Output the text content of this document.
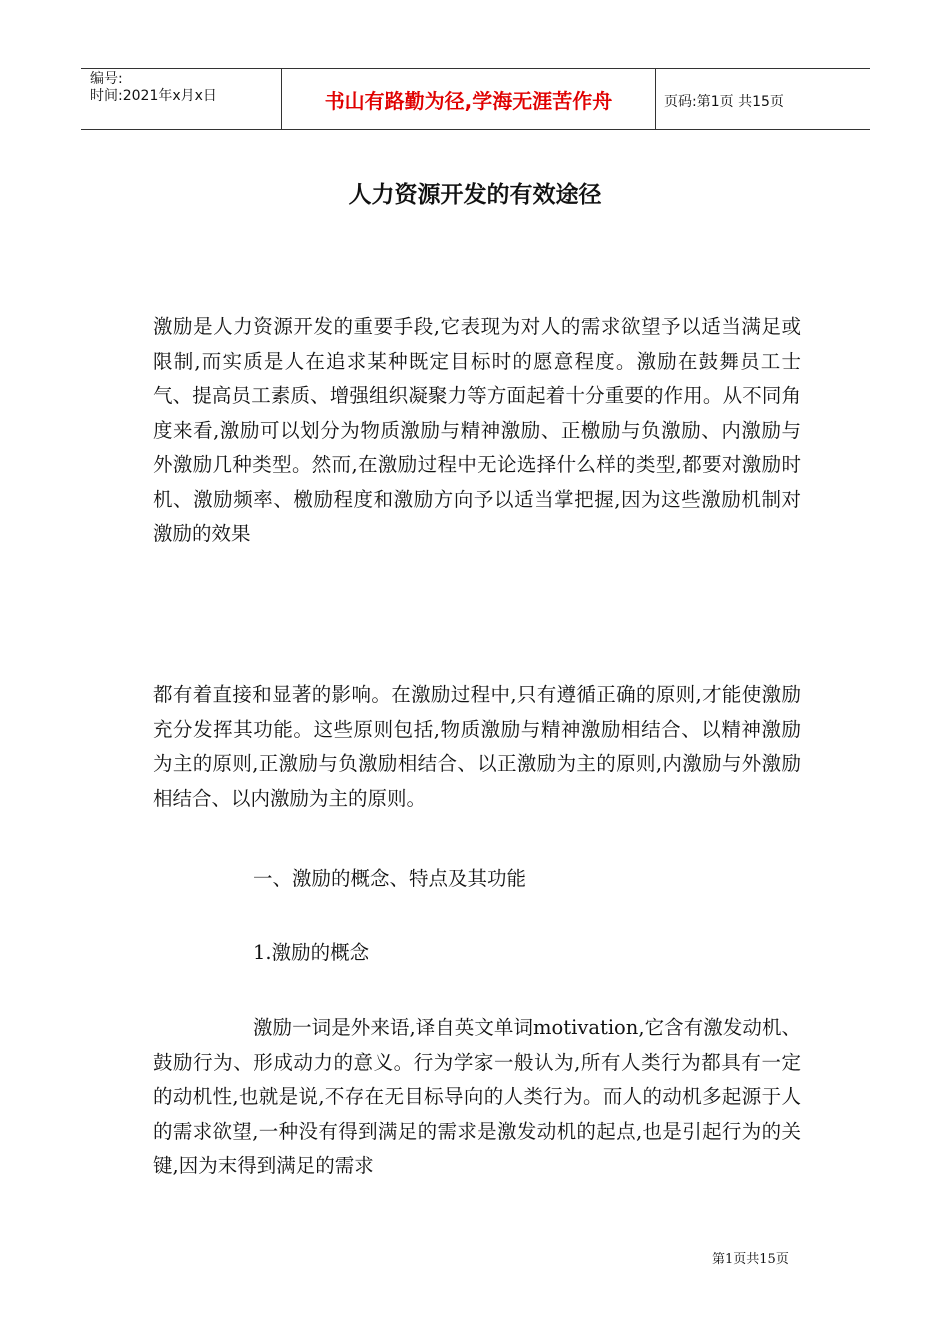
编号:
时间:2021年x月x日	书山有路勤为径,学海无涯苦作舟	页码:第1页 共15页
人力资源开发的有效途径
激励是人力资源开发的重要手段,它表现为对人的需求欲望予以适当满足或限制,而实质是人在追求某种既定目标时的愿意程度。激励在鼓舞员工士气、提高员工素质、增强组织凝聚力等方面起着十分重要的作用。从不同角度来看,激励可以划分为物质激励与精神激励、正檄励与负激励、内激励与外激励几种类型。然而,在激励过程中无论选择什么样的类型,都要对激励时机、激励频率、檄励程度和激励方向予以适当掌把握,因为这些激励机制对激励的效果
都有着直接和显著的影响。在激励过程中,只有遵循正确的原则,才能使激励充分发挥其功能。这些原则包括,物质激励与精神激励相结合、以精神激励为主的原则,正激励与负激励相结合、以正激励为主的原则,内激励与外激励相结合、以内激励为主的原则。
一、激励的概念、特点及其功能
1.激励的概念
激励一词是外来语,译自英文单词motivation,它含有激发动机、鼓励行为、形成动力的意义。行为学家一般认为,所有人类行为都具有一定的动机性,也就是说,不存在无目标导向的人类行为。而人的动机多起源于人的需求欲望,一种没有得到满足的需求是激发动机的起点,也是引起行为的关键,因为末得到满足的需求
第1页共15页
